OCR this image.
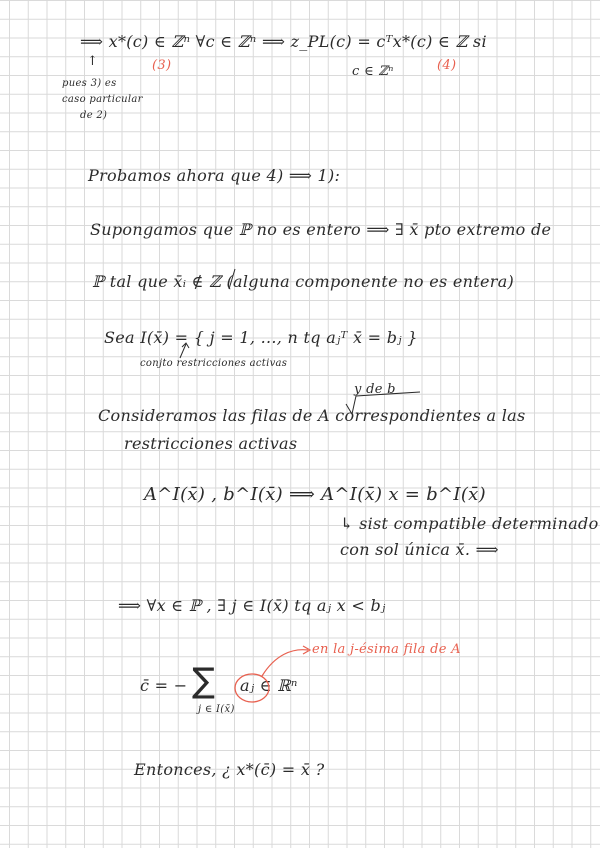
⟹ x*(c) ∈ ℤⁿ ∀c ∈ ℤⁿ ⟹ z_PL(c) = cᵀx*(c) ∈ ℤ si
(3)	c ∈ ℤⁿ	(4)
↑
pues 3) es
caso particular
de 2)
Probamos ahora que 4) ⟹ 1):
Supongamos que ℙ no es entero ⟹ ∃ x̄ pto extremo de
ℙ tal que x̄ᵢ ∉ ℤ (alguna componente no es entera)
Sea I(x̄) = { j = 1, ..., n tq aⱼᵀ x̄ = bⱼ }
conjto restricciones activas
y de b
Consideramos las filas de A correspondientes a las
restricciones activas
A^I(x̄) , b^I(x̄) ⟹ A^I(x̄) x = b^I(x̄)
↳ sist compatible determinado
con sol única x̄. ⟹
⟹ ∀x ∈ ℙ , ∃ j ∈ I(x̄) tq aⱼ x < bⱼ
en la j-ésima fila de A
c̄ = − ∑
j ∈ I(x̄)
aⱼ ∈ ℝⁿ
Entonces, ¿ x*(c̄) = x̄ ?
